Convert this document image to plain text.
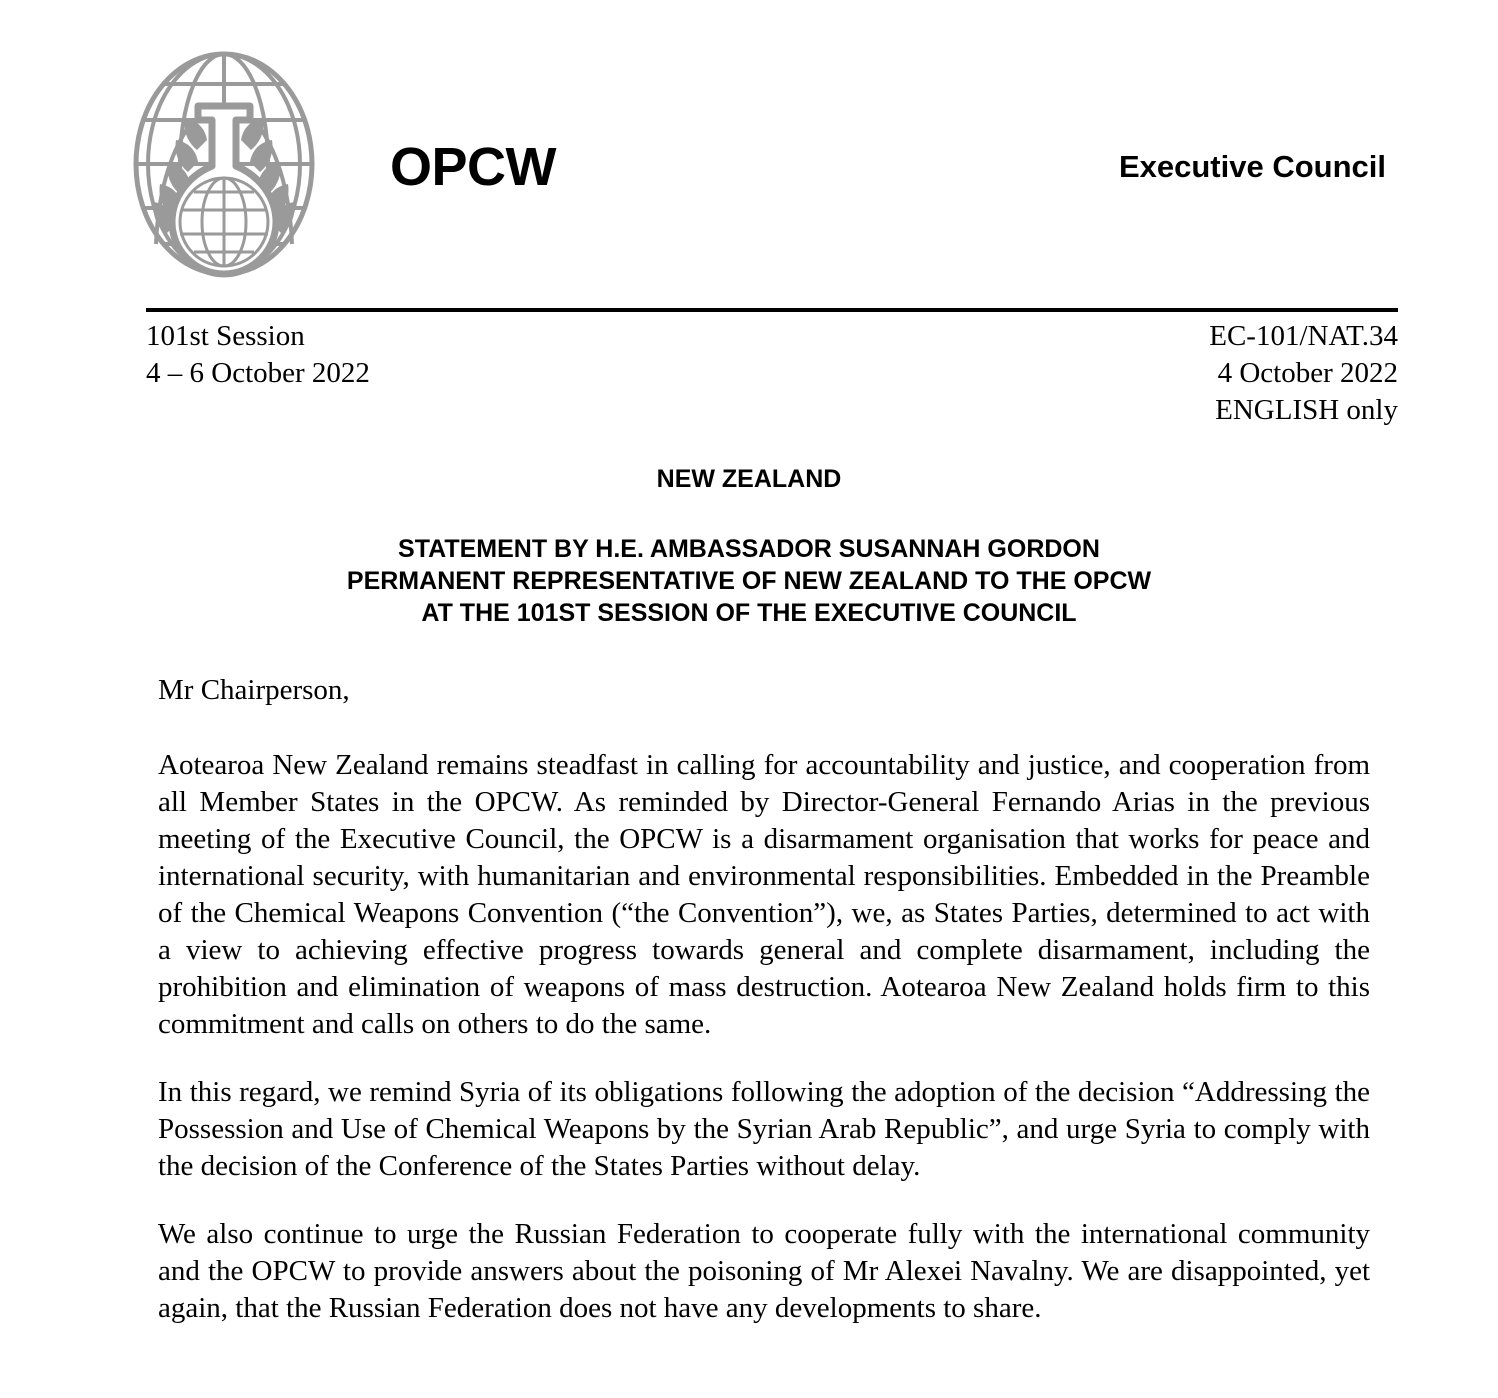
OPCW	Executive Council
101st Session
4 – 6 October 2022
EC-101/NAT.34
4 October 2022
ENGLISH only
NEW ZEALAND
STATEMENT BY H.E. AMBASSADOR SUSANNAH GORDON
PERMANENT REPRESENTATIVE OF NEW ZEALAND TO THE OPCW
AT THE 101ST SESSION OF THE EXECUTIVE COUNCIL

Mr Chairperson,

Aotearoa New Zealand remains steadfast in calling for accountability and justice, and cooperation from all Member States in the OPCW. As reminded by Director-General Fernando Arias in the previous meeting of the Executive Council, the OPCW is a disarmament organisation that works for peace and international security, with humanitarian and environmental responsibilities. Embedded in the Preamble of the Chemical Weapons Convention (“the Convention”), we, as States Parties, determined to act with a view to achieving effective progress towards general and complete disarmament, including the prohibition and elimination of weapons of mass destruction. Aotearoa New Zealand holds firm to this commitment and calls on others to do the same.

In this regard, we remind Syria of its obligations following the adoption of the decision “Addressing the Possession and Use of Chemical Weapons by the Syrian Arab Republic”, and urge Syria to comply with the decision of the Conference of the States Parties without delay.

We also continue to urge the Russian Federation to cooperate fully with the international community and the OPCW to provide answers about the poisoning of Mr Alexei Navalny. We are disappointed, yet again, that the Russian Federation does not have any developments to share.
